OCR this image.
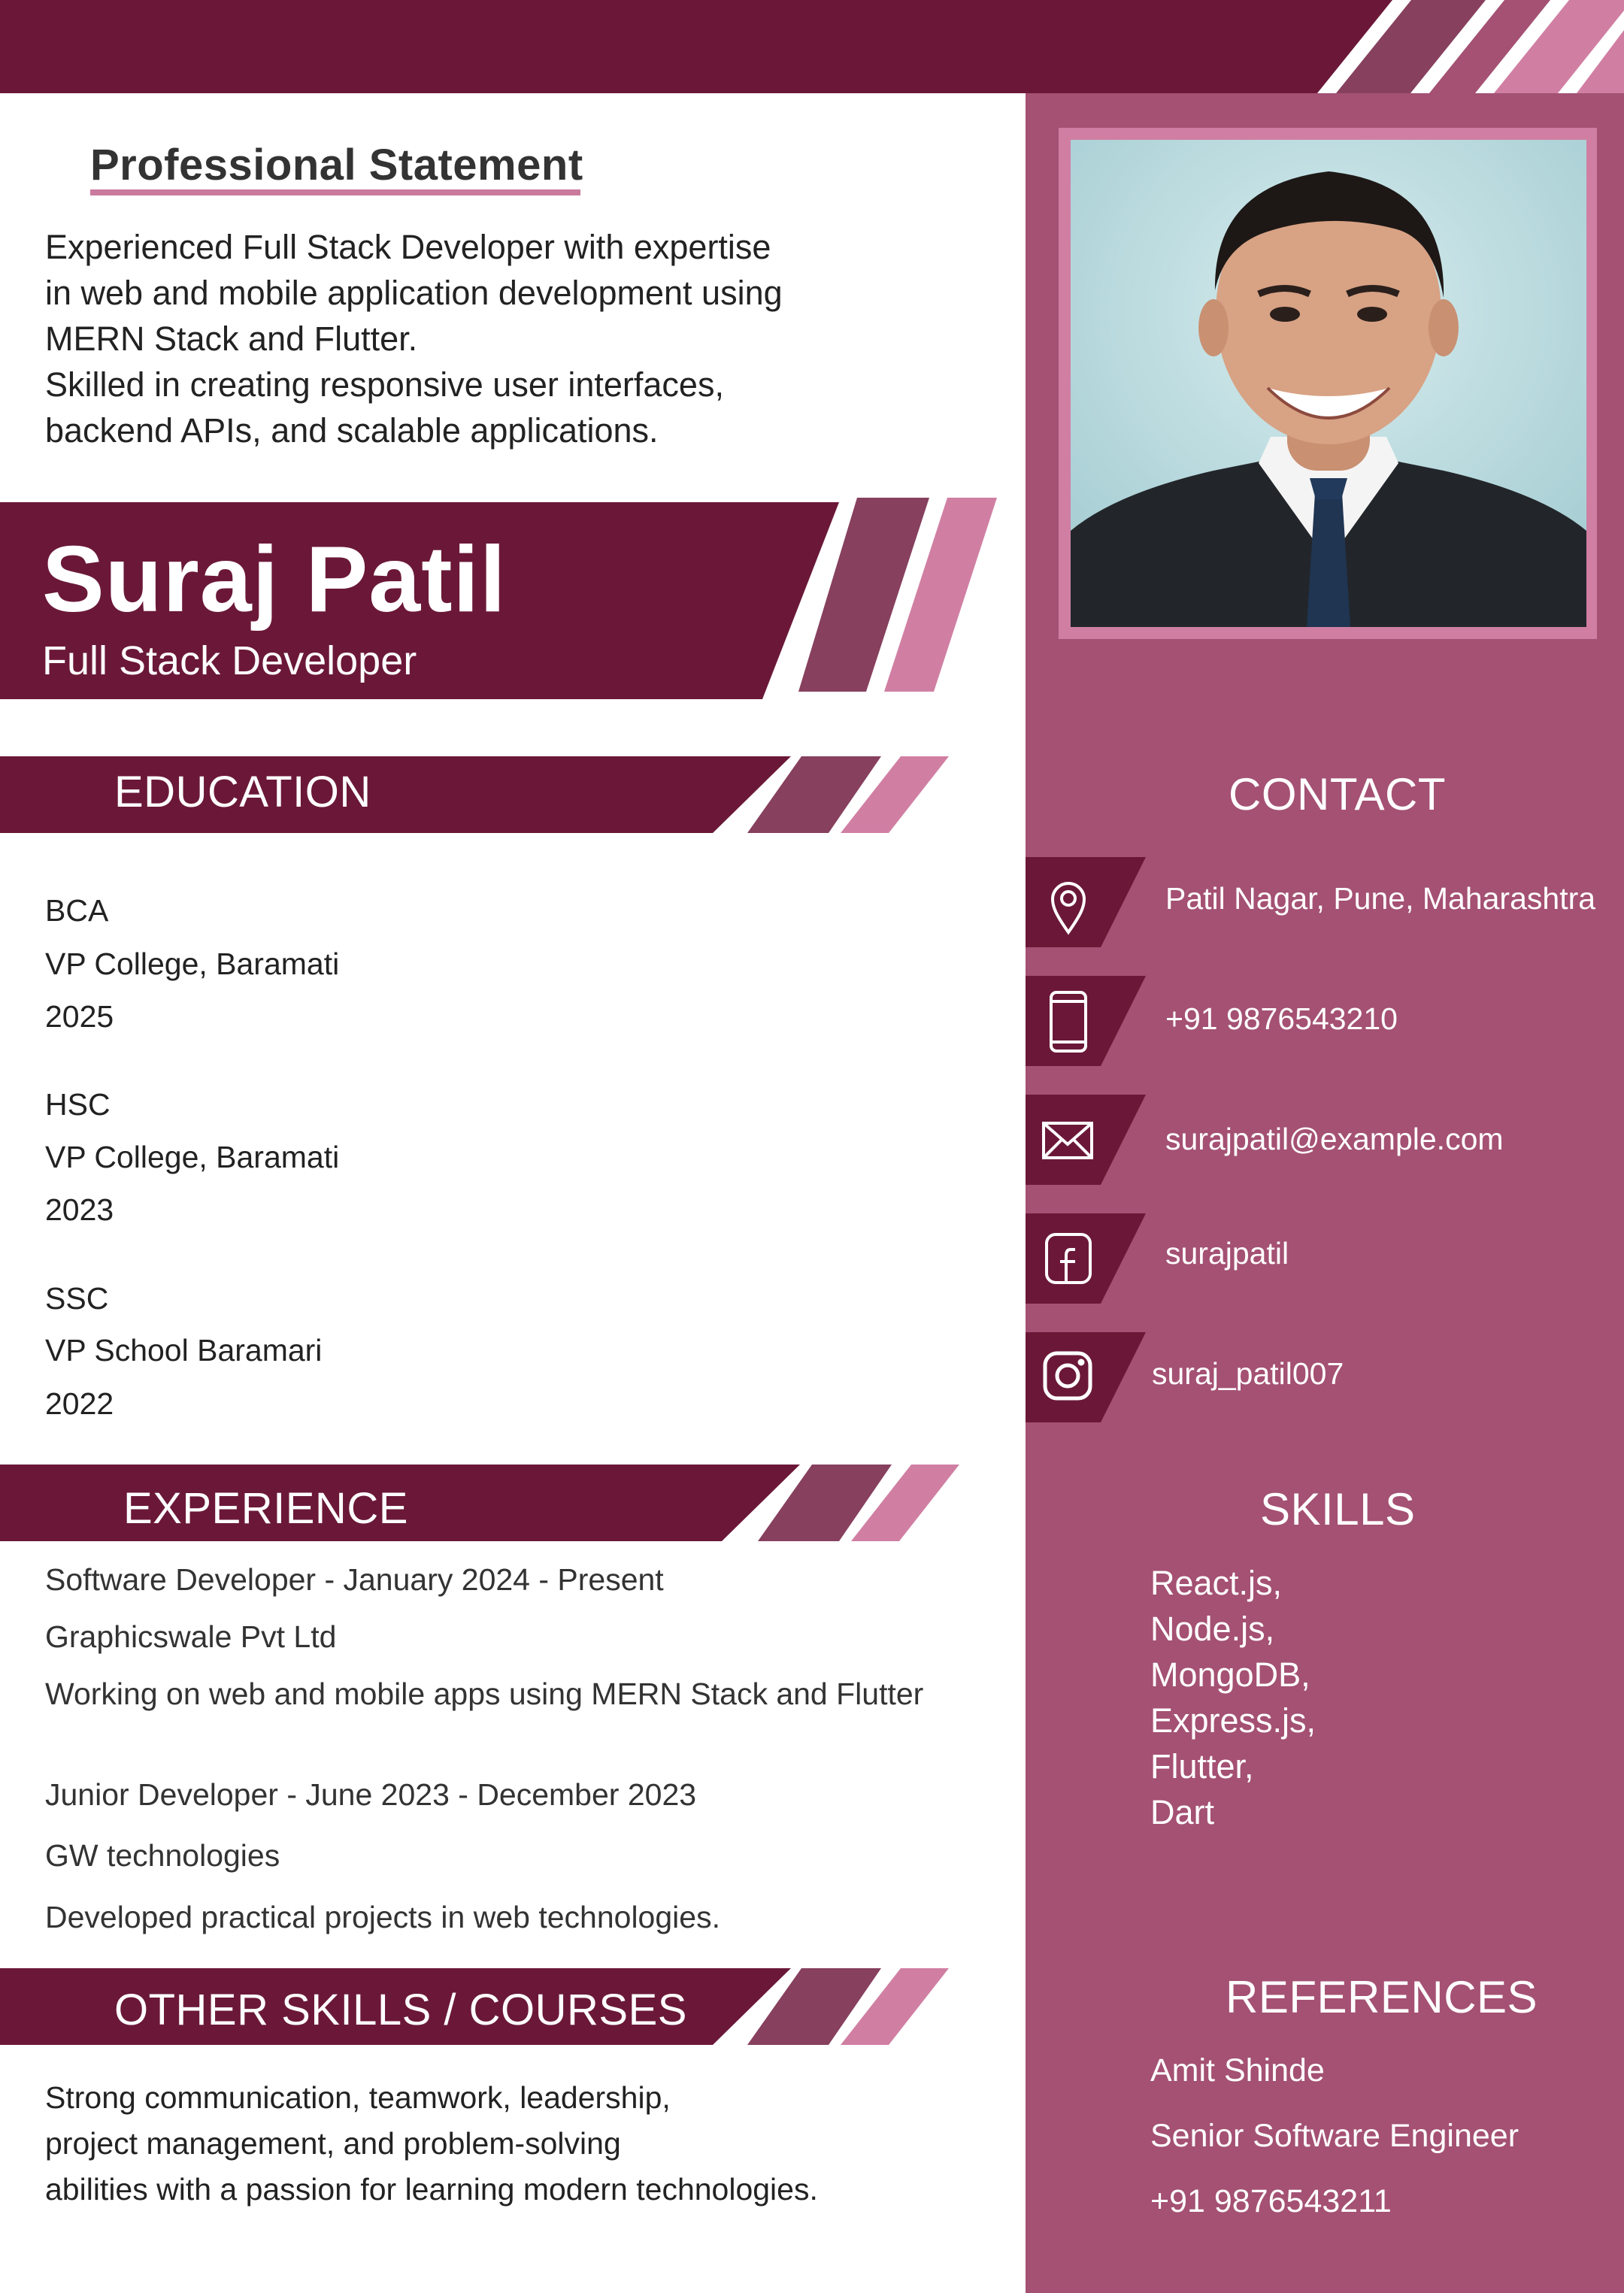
Professional Statement
Experienced Full Stack Developer with expertise
in web and mobile application development using
MERN Stack and Flutter.
Skilled in creating responsive user interfaces,
backend APIs, and scalable applications.
Suraj Patil
Full Stack Developer
EDUCATION
BCA
VP College, Baramati
2025
HSC
VP College, Baramati
2023
SSC
VP School Baramari
2022
EXPERIENCE
Software Developer - January 2024 - Present
Graphicswale Pvt Ltd
Working on web and mobile apps using MERN Stack and Flutter
Junior Developer - June 2023 - December 2023
GW technologies
Developed practical projects in web technologies.
OTHER SKILLS / COURSES
Strong communication, teamwork, leadership,
project management, and problem-solving
abilities with a passion for learning modern technologies.
CONTACT
Patil Nagar, Pune, Maharashtra
+91 9876543210
surajpatil@example.com
surajpatil
suraj_patil007
SKILLS
React.js,
Node.js,
MongoDB,
Express.js,
Flutter,
Dart
REFERENCES
Amit Shinde
Senior Software Engineer
+91 9876543211
